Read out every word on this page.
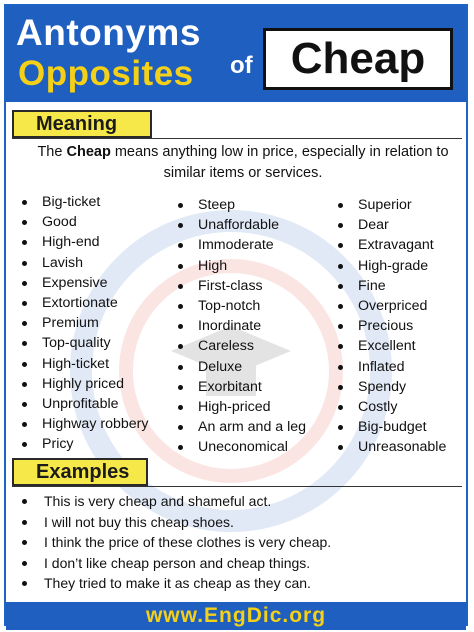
Antonyms
Opposites of Cheap
Meaning
The Cheap means anything low in price, especially in relation to similar items or services.
Big-ticket
Good
High-end
Lavish
Expensive
Extortionate
Premium
Top-quality
High-ticket
Highly priced
Unprofitable
Highway robbery
Pricy
Steep
Unaffordable
Immoderate
High
First-class
Top-notch
Inordinate
Careless
Deluxe
Exorbitant
High-priced
An arm and a leg
Uneconomical
Superior
Dear
Extravagant
High-grade
Fine
Overpriced
Precious
Excellent
Inflated
Spendy
Costly
Big-budget
Unreasonable
Examples
This is very cheap and shameful act.
I will not buy this cheap shoes.
I think the price of these clothes is very cheap.
I don’t like cheap person and cheap things.
They tried to make it as cheap as they can.
www.EngDic.org
